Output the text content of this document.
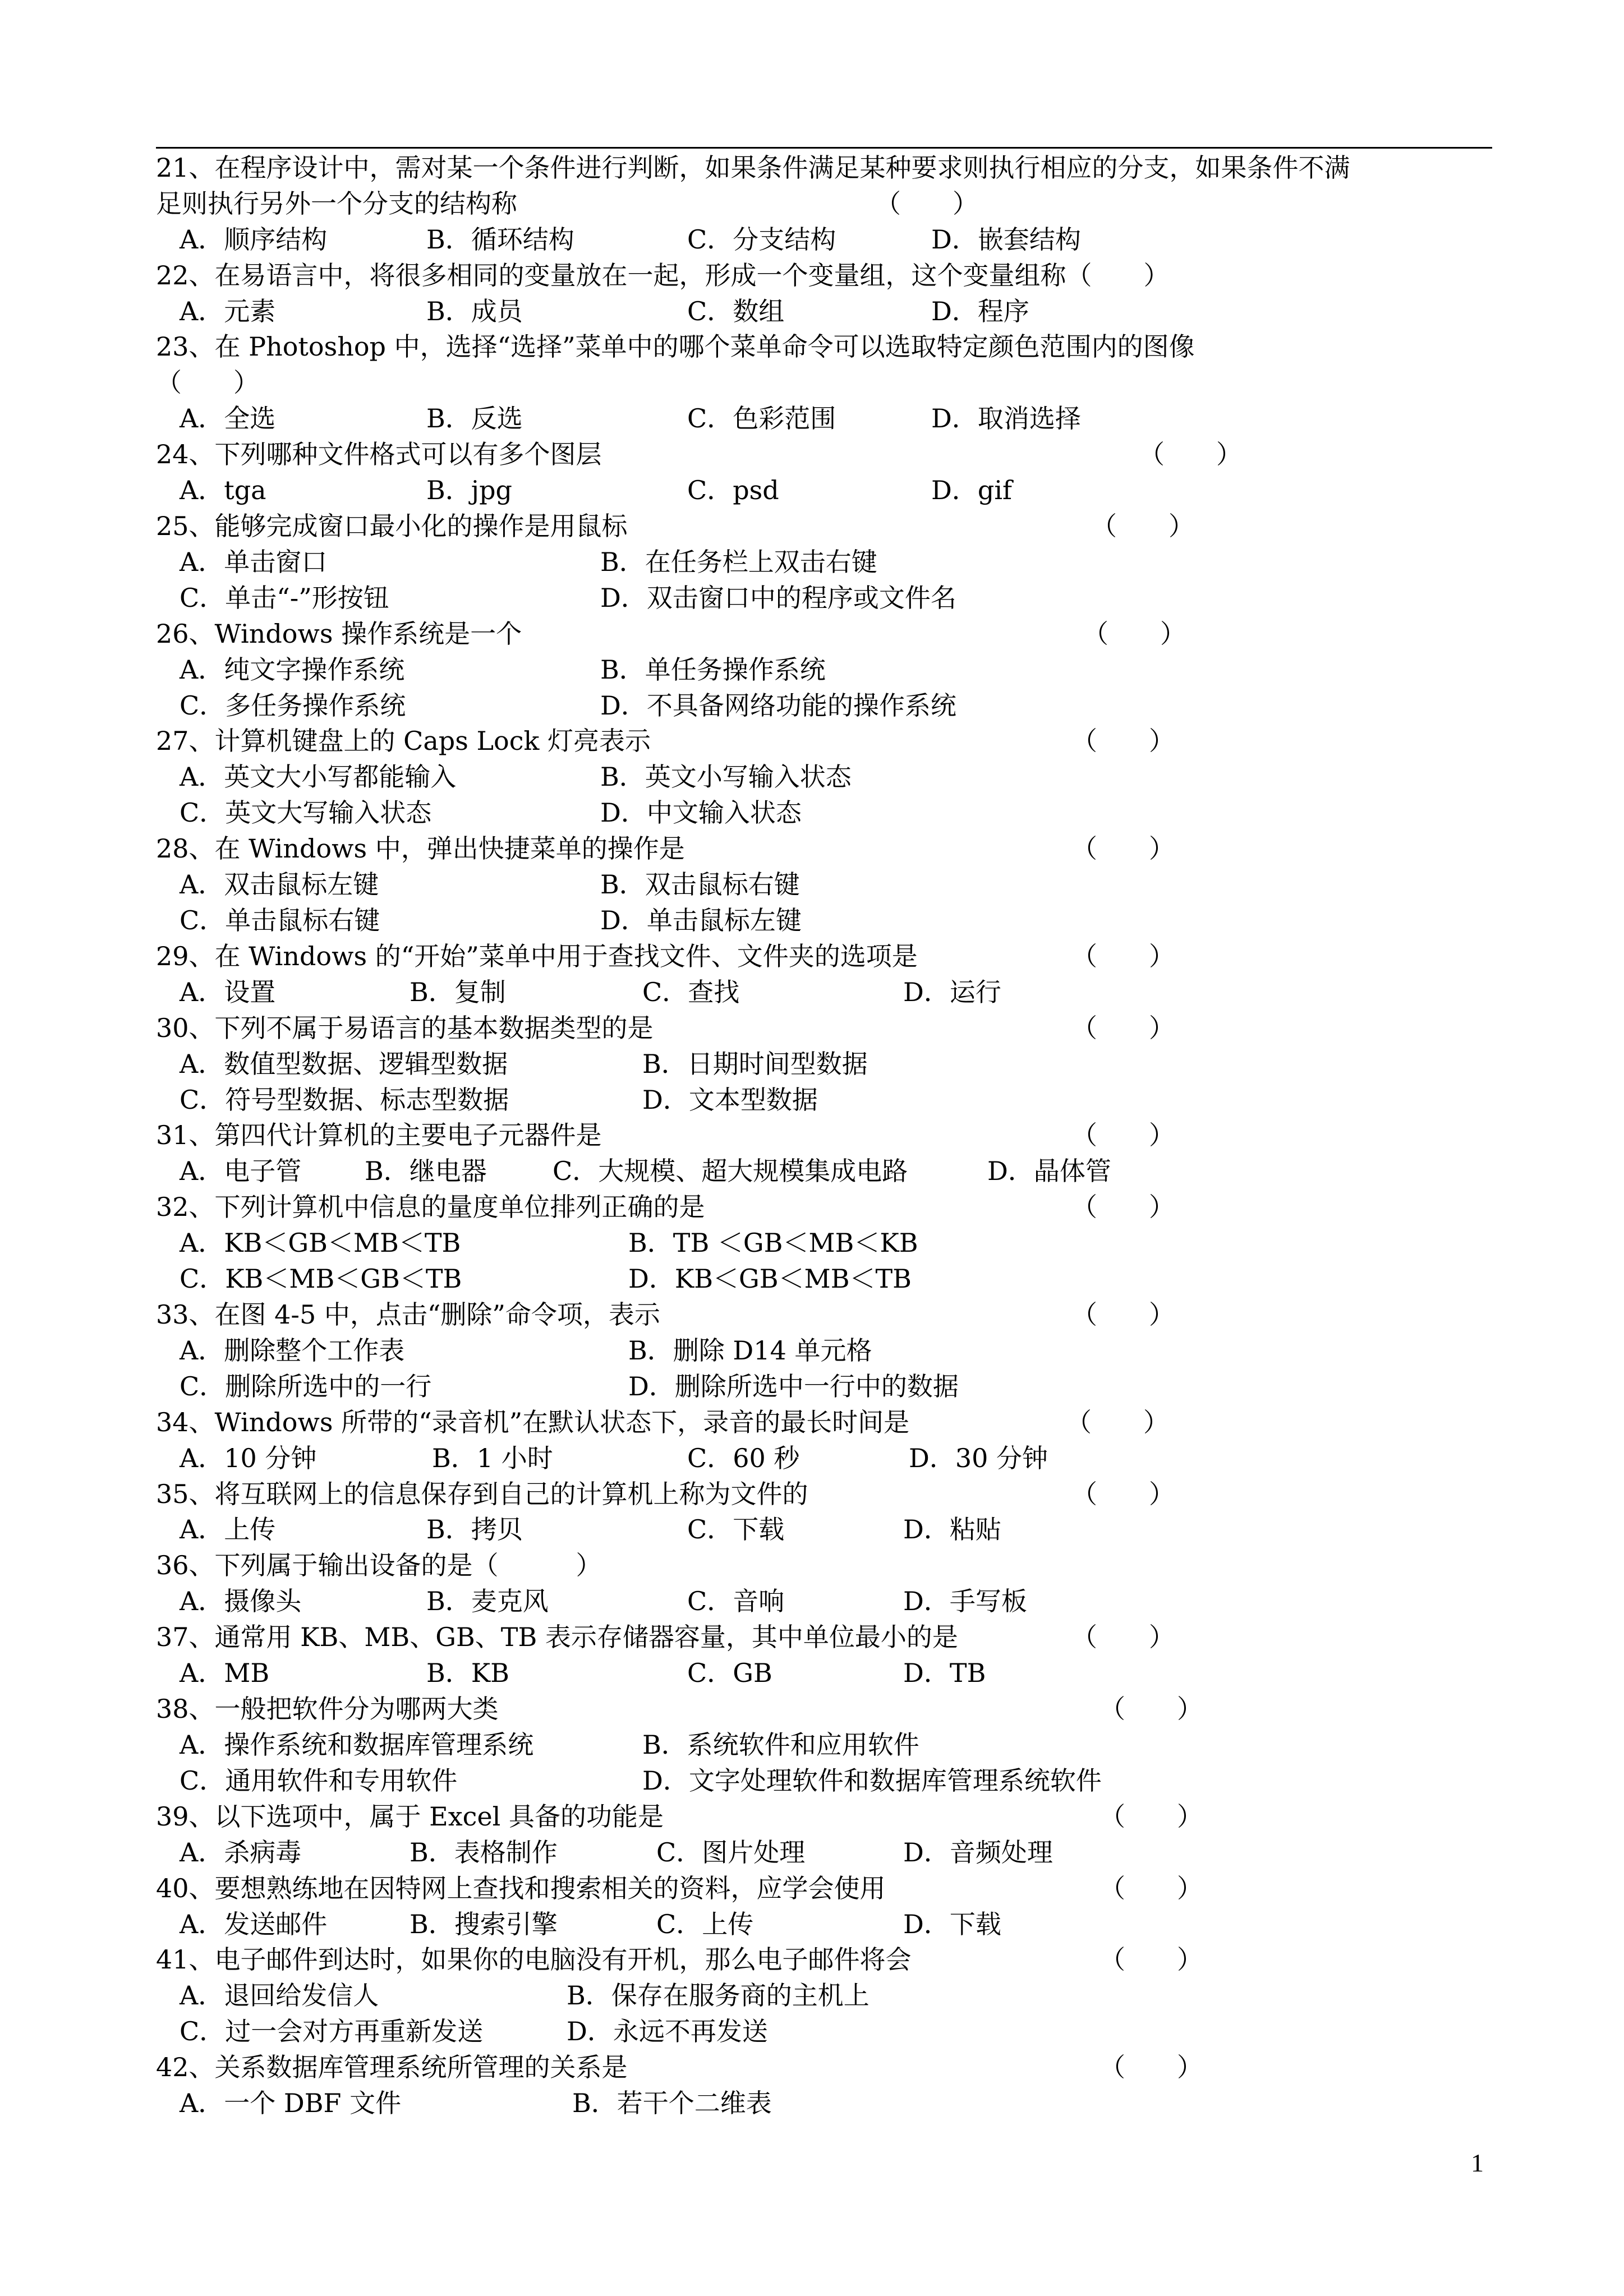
21、在程序设计中，需对某一个条件进行判断，如果条件满足某种要求则执行相应的分支，如果条件不满
足则执行另外一个分支的结构称	（　　）
A．顺序结构	B．循环结构	C．分支结构	D．嵌套结构
22、在易语言中，将很多相同的变量放在一起，形成一个变量组，这个变量组称（　　）
A．元素	B．成员	C．数组	D．程序
23、在 Photoshop 中，选择“选择”菜单中的哪个菜单命令可以选取特定颜色范围内的图像
（　　）
A．全选	B．反选	C．色彩范围	D．取消选择
24、下列哪种文件格式可以有多个图层	（　　）
A．tga	B．jpg	C．psd	D．gif
25、能够完成窗口最小化的操作是用鼠标	（　　）
A．单击窗口	B．在任务栏上双击右键
C．单击“-”形按钮	D．双击窗口中的程序或文件名
26、Windows 操作系统是一个	（　　）
A．纯文字操作系统	B．单任务操作系统
C．多任务操作系统	D．不具备网络功能的操作系统
27、计算机键盘上的 Caps Lock 灯亮表示	（　　）
A．英文大小写都能输入	B．英文小写输入状态
C．英文大写输入状态	D．中文输入状态
28、在 Windows 中，弹出快捷菜单的操作是	（　　）
A．双击鼠标左键	B．双击鼠标右键
C．单击鼠标右键	D．单击鼠标左键
29、在 Windows 的“开始”菜单中用于查找文件、文件夹的选项是	（　　）
A．设置	B．复制	C．查找	D．运行
30、下列不属于易语言的基本数据类型的是	（　　）
A．数值型数据、逻辑型数据	B．日期时间型数据
C．符号型数据、标志型数据	D．文本型数据
31、第四代计算机的主要电子元器件是	（　　）
A．电子管 B．继电器	C．大规模、超大规模集成电路	D．晶体管
32、下列计算机中信息的量度单位排列正确的是	（　　）
A．KB＜GB＜MB＜TB	B．TB ＜GB＜MB＜KB
C．KB＜MB＜GB＜TB	D．KB＜GB＜MB＜TB
33、在图 4-5 中，点击“删除”命令项，表示	（　　）
A．删除整个工作表	B．删除 D14 单元格
C．删除所选中的一行	D．删除所选中一行中的数据
34、Windows 所带的“录音机”在默认状态下，录音的最长时间是	（　　）
A．10 分钟	B．1 小时	C．60 秒	D．30 分钟
35、将互联网上的信息保存到自己的计算机上称为文件的	（　　）
A．上传	B．拷贝	C．下载	D．粘贴
36、下列属于输出设备的是（　　　）
A．摄像头	B．麦克风	C．音响	D．手写板
37、通常用 KB、MB、GB、TB 表示存储器容量，其中单位最小的是	（　　）
A．MB	B．KB	C．GB	D．TB
38、一般把软件分为哪两大类	（　　）
A．操作系统和数据库管理系统	B．系统软件和应用软件
C．通用软件和专用软件	D．文字处理软件和数据库管理系统软件
39、以下选项中，属于 Excel 具备的功能是	（　　）
A．杀病毒	B．表格制作	C．图片处理	D．音频处理
40、要想熟练地在因特网上查找和搜索相关的资料，应学会使用	（　　）
A．发送邮件	B．搜索引擎	C．上传	D．下载
41、电子邮件到达时，如果你的电脑没有开机，那么电子邮件将会	（　　）
A．退回给发信人	B．保存在服务商的主机上
C．过一会对方再重新发送	D．永远不再发送
42、关系数据库管理系统所管理的关系是	（　　）
A．一个 DBF 文件	B．若干个二维表
1
